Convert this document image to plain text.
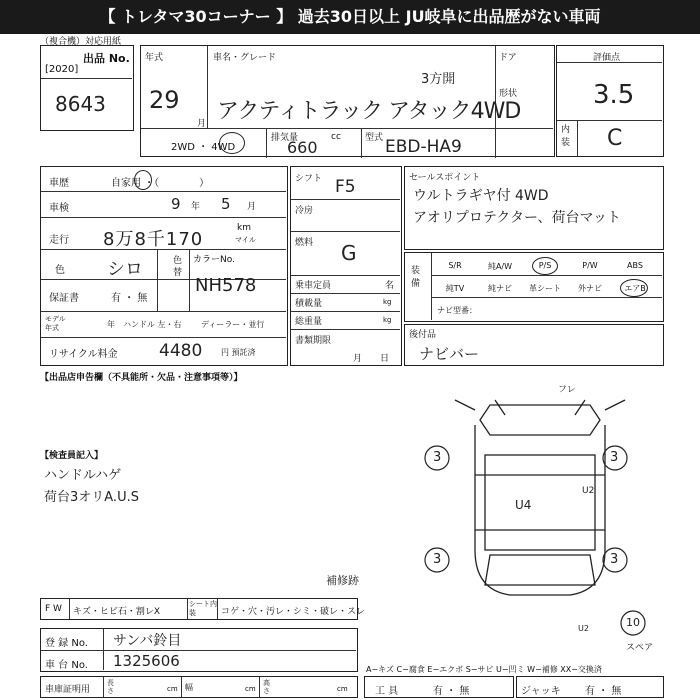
【 トレタマ30コーナー 】 過去30日以上 JU岐阜に出品歴がない車両
（複合機）対応用紙
出品 No.
[2020]
8643
年式
29
月
車名・グレード
3方開
アクティトラック アタック4WD
ドア
形状
2WD ・ 4WD
排気量
660
cc	型式 EBD-HA9
評価点
3.5
内装 C
車歴	自家用 ・（　　　　）
車検	9 年 5 月
走行 8万8千170
km
マイル
色 シロ	色替
保証書	有 ・ 無
カラーNo.
NH578
モデル年式	年 ハンドル 左・右 ディーラー・並行
リサイクル料金 4480 円 預託済
シフト F5
冷房
燃料 G
乗車定員	名
積載量	kg
総重量	kg
書類期限
月日
セールスポイント
ウルトラギヤ付 4WD
アオリプロテクター、荷台マット
装備
S/R	純A/W	P/S	P/W	ABS
純TV	純ナビ	革シート	外ナビ	エアB
ナビ型番：
後付品
ナビバー
【出品店申告欄（不具能所・欠品・注意事項等）】
【検査員記入】
ハンドルハゲ
荷台3オリA.U.S
3	3
3	3
フレ
U4
U2
補修跡
10
スペア
U2
F W キズ・ヒビ石・割レX
シート内装	コゲ・穴・汚レ・シミ・破レ・スレ
登 録 No. サンバ鈴目
車 台 No. 1325606	A−キズ C−腐食 E−エクボ S−サビ U−凹ミ W−補修 XX−交換済
車庫証明用
長さ	cm 幅	cm
高さ	cm	工 具	有 ・ 無	ジャッキ 有 ・ 無
